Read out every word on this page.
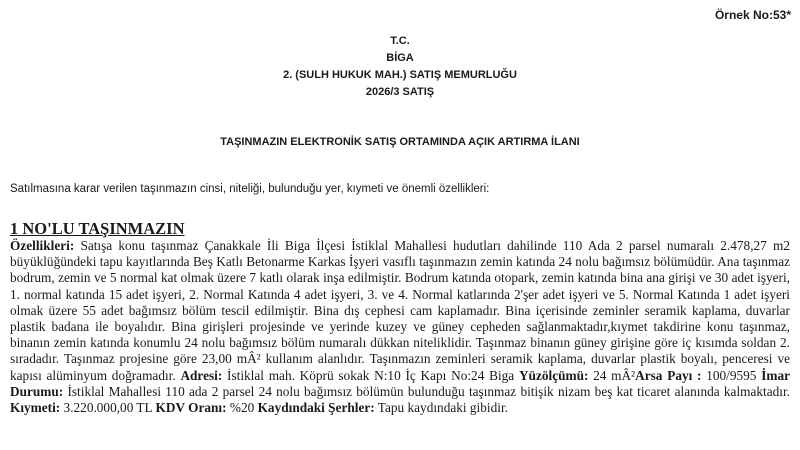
Örnek No:53*
T.C.
BİGA
2. (SULH HUKUK MAH.) SATIŞ MEMURLUĞU
2026/3 SATIŞ
TAŞINMAZIN ELEKTRONİK SATIŞ ORTAMINDA AÇIK ARTIRMA İLANI
Satılmasına karar verilen taşınmazın cinsi, niteliği, bulunduğu yer, kıymeti ve önemli özellikleri:
1 NO'LU TAŞINMAZIN
Özellikleri: Satışa konu taşınmaz Çanakkale İli Biga İlçesi İstiklal Mahallesi hudutları dahilinde 110 Ada 2 parsel numaralı 2.478,27 m2 büyüklüğündeki tapu kayıtlarında Beş Katlı Betonarme Karkas İşyeri vasıflı taşınmazın zemin katında 24 nolu bağımsız bölümüdür. Ana taşınmaz bodrum, zemin ve 5 normal kat olmak üzere 7 katlı olarak inşa edilmiştir. Bodrum katında otopark, zemin katında bina ana girişi ve 30 adet işyeri, 1. normal katında 15 adet işyeri, 2. Normal Katında 4 adet işyeri, 3. ve 4. Normal katlarında 2'şer adet işyeri ve 5. Normal Katında 1 adet işyeri olmak üzere 55 adet bağımsız bölüm tescil edilmiştir. Bina dış cephesi cam kaplamadır. Bina içerisinde zeminler seramik kaplama, duvarlar plastik badana ile boyalıdır. Bina girişleri projesinde ve yerinde kuzey ve güney cepheden sağlanmaktadır,kıymet takdirine konu taşınmaz, binanın zemin katında konumlu 24 nolu bağımsız bölüm numaralı dükkan niteliklidir. Taşınmaz binanın güney girişine göre iç kısımda soldan 2. sıradadır. Taşınmaz projesine göre 23,00 mÂ² kullanım alanlıdır. Taşınmazın zeminleri seramik kaplama, duvarlar plastik boyalı, penceresi ve kapısı alüminyum doğramadır. Adresi: İstiklal mah. Köprü sokak N:10 İç Kapı No:24 Biga Yüzölçümü: 24 mÂ²Arsa Payı : 100/9595 İmar Durumu: İstiklal Mahallesi 110 ada 2 parsel 24 nolu bağımsız bölümün bulunduğu taşınmaz bitişik nizam beş kat ticaret alanında kalmaktadır. Kıymeti: 3.220.000,00 TL KDV Oranı: %20 Kaydındaki Şerhler: Tapu kaydındaki gibidir.
